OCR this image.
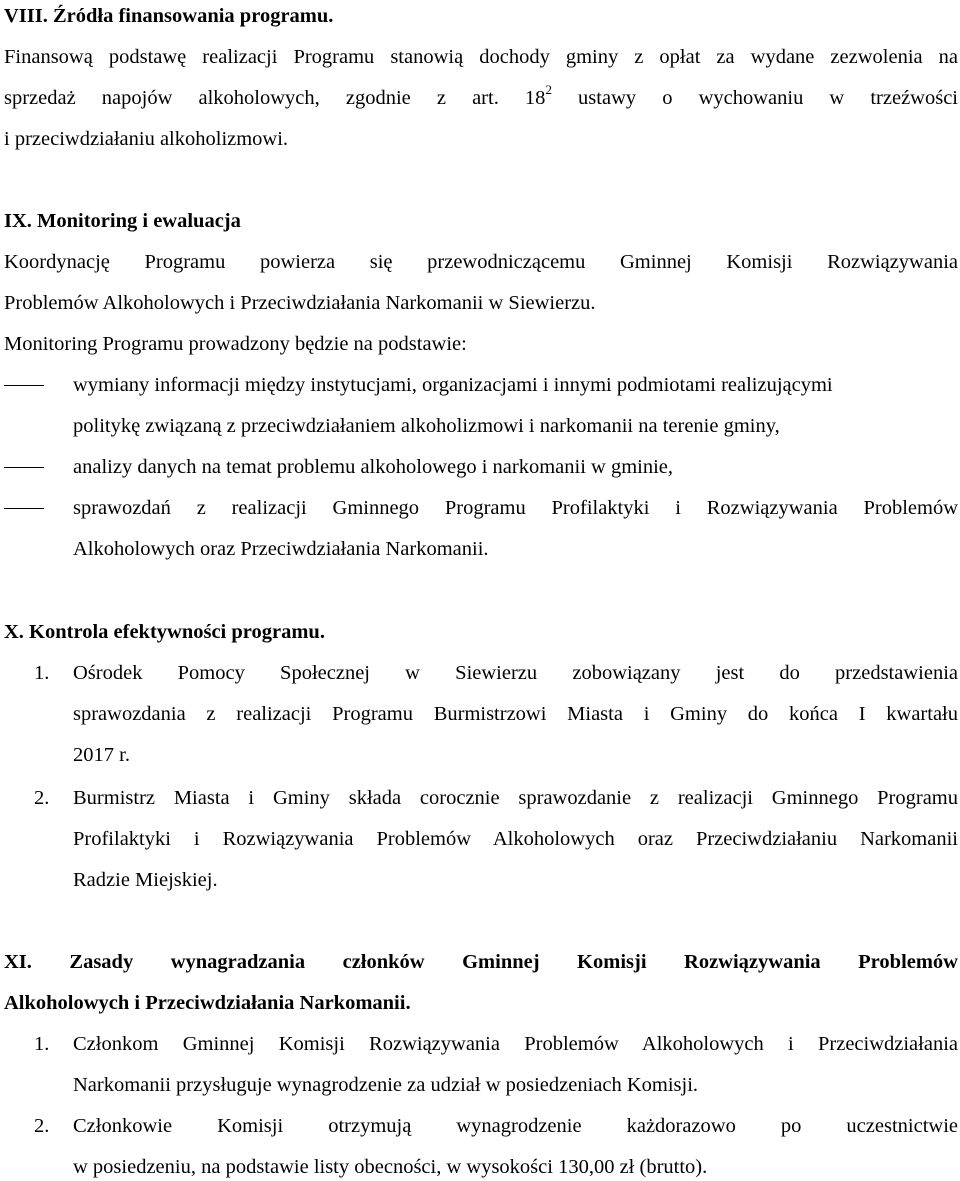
VIII. Źródła finansowania programu.
Finansową podstawę realizacji Programu stanowią dochody gminy z opłat za wydane zezwolenia na
sprzedaż napojów alkoholowych, zgodnie z art. $18^2$ ustawy o wychowaniu w trzeźwości
i przeciwdziałaniu alkoholizmowi.
IX. Monitoring i ewaluacja
Koordynację Programu powierza się przewodniczącemu Gminnej Komisji Rozwiązywania
Problemów Alkoholowych i Przeciwdziałania Narkomanii w Siewierzu.
Monitoring Programu prowadzony będzie na podstawie:
wymiany informacji między instytucjami, organizacjami i innymi podmiotami realizującymi
politykę związaną z przeciwdziałaniem alkoholizmowi i narkomanii na terenie gminy,
analizy danych na temat problemu alkoholowego i narkomanii w gminie,
sprawozdań z realizacji Gminnego Programu Profilaktyki i Rozwiązywania Problemów
Alkoholowych oraz Przeciwdziałania Narkomanii.
X. Kontrola efektywności programu.
1. Ośrodek Pomocy Społecznej w Siewierzu zobowiązany jest do przedstawienia
sprawozdania z realizacji Programu Burmistrzowi Miasta i Gminy do końca I kwartału
2017 r.
2. Burmistrz Miasta i Gminy składa corocznie sprawozdanie z realizacji Gminnego Programu
Profilaktyki i Rozwiązywania Problemów Alkoholowych oraz Przeciwdziałaniu Narkomanii
Radzie Miejskiej.
XI. Zasady wynagradzania członków Gminnej Komisji Rozwiązywania Problemów
Alkoholowych i Przeciwdziałania Narkomanii.
1. Członkom Gminnej Komisji Rozwiązywania Problemów Alkoholowych i Przeciwdziałania
Narkomanii przysługuje wynagrodzenie za udział w posiedzeniach Komisji.
2. Członkowie Komisji otrzymują wynagrodzenie każdorazowo po uczestnictwie
w posiedzeniu, na podstawie listy obecności, w wysokości 130,00 zł (brutto).
